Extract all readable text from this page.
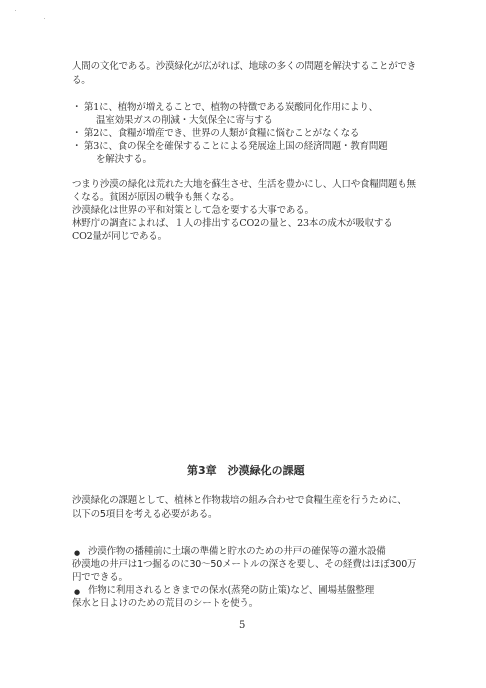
人間の文化である。沙漠緑化が広がれば、地球の多くの問題を解決することができ
る。
・ 第1に、植物が増えることで、植物の特徴である炭酸同化作用により、
温室効果ガスの削減・大気保全に寄与する
・ 第2に、食糧が増産でき、世界の人類が食糧に悩むことがなくなる
・ 第3に、食の保全を確保することによる発展途上国の経済問題・教育問題
を解決する。
つまり沙漠の緑化は荒れた大地を蘇生させ、生活を豊かにし、人口や食糧問題も無
くなる。貧困が原因の戦争も無くなる。
沙漠緑化は世界の平和対策として急を要する大事である。
林野庁の調査によれば、１人の排出するCO2の量と、23本の成木が吸収する
CO2量が同じである。
第3章　沙漠緑化の課題
沙漠緑化の課題として、植林と作物栽培の組み合わせで食糧生産を行うために、
以下の5項目を考える必要がある。
● 沙漠作物の播種前に土壌の準備と貯水のための井戸の確保等の灌水設備
砂漠地の井戸は1つ掘るのに30〜50メートルの深さを要し、その経費はほぼ300万
円でできる。
● 作物に利用されるときまでの保水(蒸発の防止策)など、圃場基盤整理
保水と日よけのための荒目のシートを使う。
5
